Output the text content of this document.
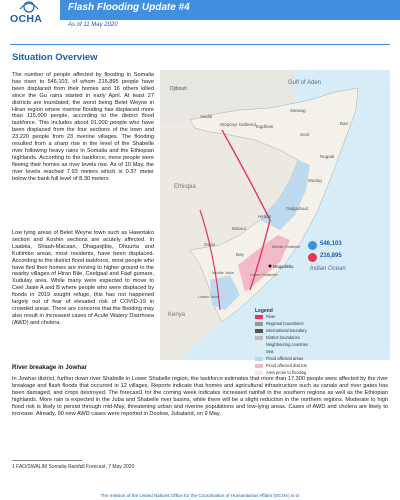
OCHA
Flash Flooding Update #4
As of 11 May 2020
Situation Overview
The number of people affected by flooding in Somalia has risen to 546,103, of whom 216,895 people have been displaced from their homes and 16 others killed since the Gu rains started in early April. At least 27 districts are inundated; the worst being Belet Weyne in Hiran region where riverine flooding has displaced more than 115,000 people, according to the district flood taskforce. This includes about 91,000 people who have been displaced from the four sections of the town and 23,220 people from 23 riverine villages. The flooding resulted from a sharp rise in the level of the Shabelle river following heavy rains in Somalia and the Ethiopian highlands. According to the taskforce, more people were fleeing their homes as river levels rise. As of 10 May, the river levels reached 7.93 meters which is 0.37 meter below the bank full level of 8.30 meters
Low lying areas of Belet Weyne town such as Hawotako section and Koshin sections are acutely affected. In Laabka, Shaah-Macaan, Dhagaxjibis, Dhuurta and Kutiimbo areas, most residents, have been displaced. According to the district flood taskforce, most people who have fled their homes are moving to higher ground in the nearby villages of Hiran Bile, Ceelgaal and Faaf gumare, Xudulay area. While many were expected to move to Ceel Jaale A and B where people who were displaced by floods in 2019 sought refuge, this has not happened largely out of fear of elevated risk of COVID-19 in crowded areas. There are concerns that the flooding may also result in increased cases of Acute Watery Diarrhoea (AWD) and cholera.
Gulf of Aden
Djibouti
Awdal
Woqooyi Galbeed Togdheer
Sanaag
Bari
Sool
Nugaal
Ethiopia
Mudug
Galgaduud
Hiraan
Bakool
Gedo
Bay
Middle Shabelle
Lower Shabelle
Middle Juba
Lower Juba
Kenya
Mogadishu	Indian Ocean
546,103
216,895
Legend
River
Regional boundaries
International boundary
District boundaries
Neighbouring countries
Sea
Flood affected areas
Flood affected districts
Area prone to flooding
River breakage in Jowhar
In Jowhar district, further down river Shabelle in Lower Shabelle region, the taskforce estimates that more than 17,300 people were affected by the river breakage and flash floods that occurred in 12 villages. Reports indicate that homes and agricultural infrastructure such as canals and river gates has been damaged, and crops destroyed. The forecast1 for the coming week indicates increased rainfall in the southern regions as well as the Ethiopian highlands. More rain is expected in the Juba and Shabelle river basins, while there will be a slight reduction in the northern regions. Moderate to high flood risk is likely to persist through mid-May, threatening urban and riverine populations and low-lying areas. Cases of AWD and cholera are likely to increase. Already, 90 new AWD cases were reported in Doolow, Jubaland, on 9 May.
1 FAO/SWALIM Somalia Rainfall Forecast, 7 May 2020
The mission of the United Nations Office for the Coordination of Humanitarian Affairs (OCHA) is to
